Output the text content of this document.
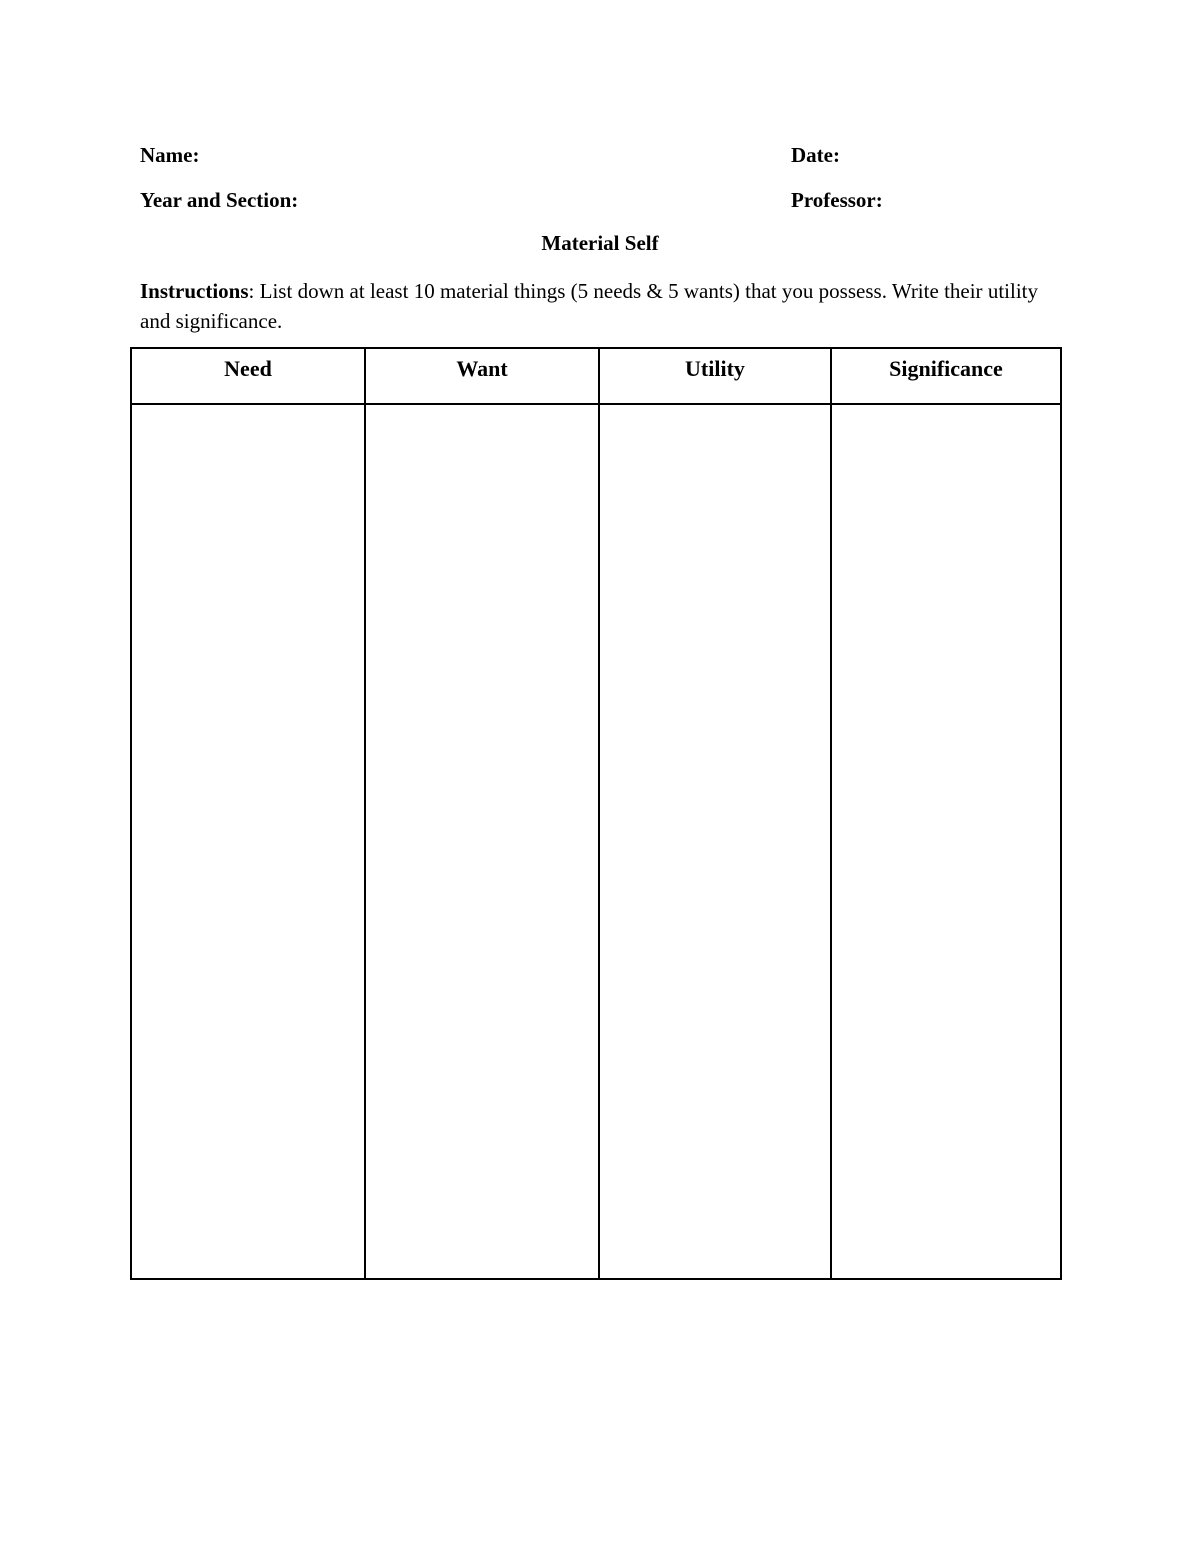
Name:	Date:
Year and Section:	Professor:
Material Self

Instructions: List down at least 10 material things (5 needs & 5 wants) that you possess. Write their utility and significance.

Need	Want	Utility	Significance
